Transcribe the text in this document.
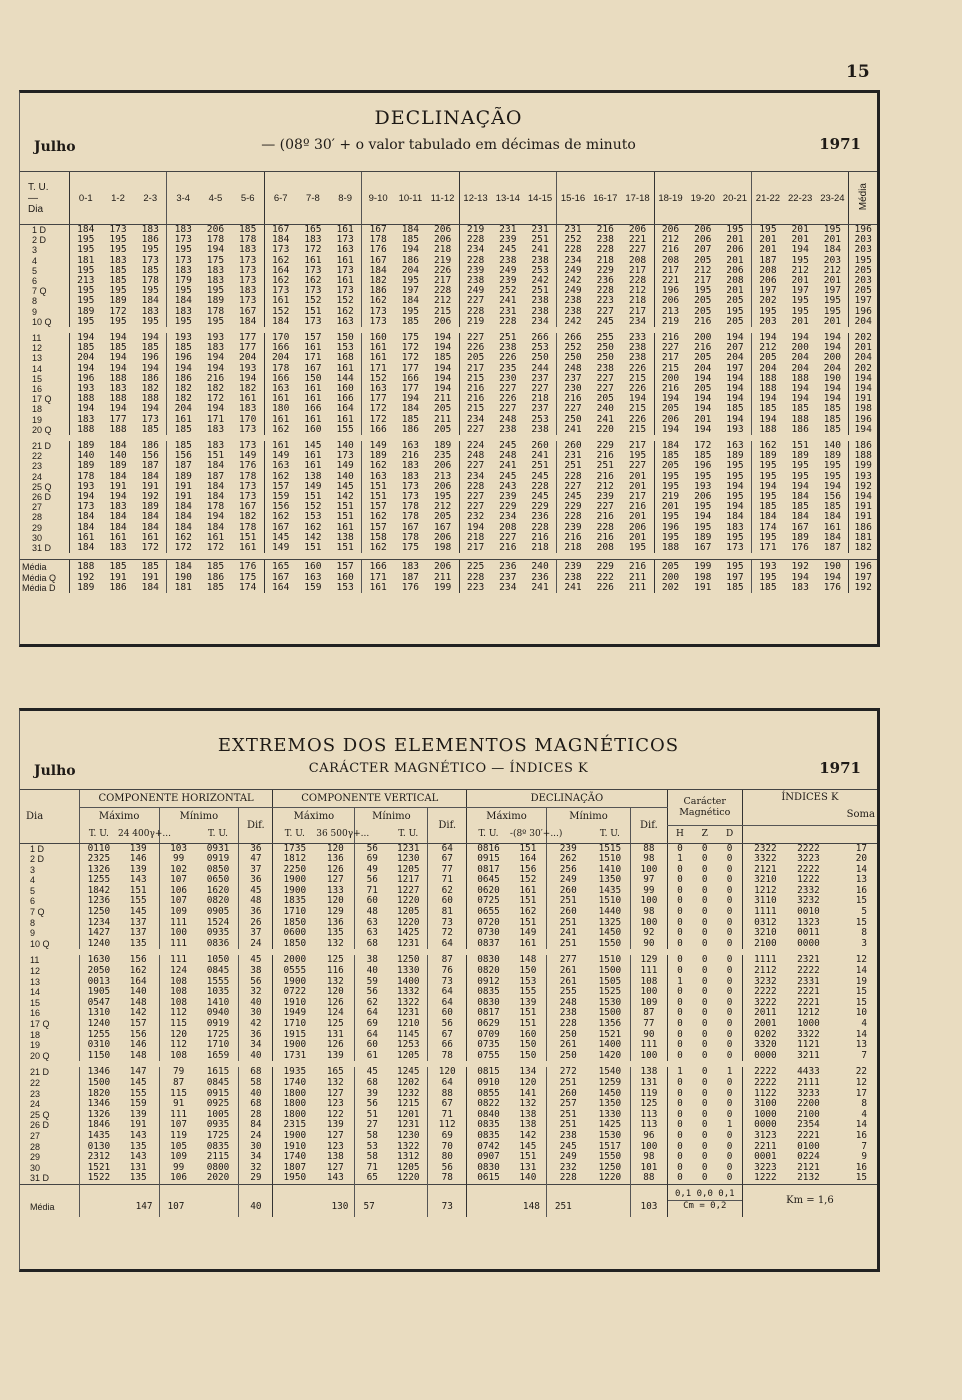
15
DECLINAÇÃO
Julho	— (08º 30′ + o valor tabulado em décimas de minuto	1971
T. U.
—
Dia	0-1	1-2	2-3	3-4	4-5	5-6	6-7	7-8	8-9	9-10	10-11	11-12	12-13	13-14	14-15	15-16	16-17	17-18	18-19	19-20	20-21	21-22	22-23	23-24	Média
1 D	184	173	183	183	206	185	167	165	161	167	184	206	219	231	231	231	216	206	206	206	195	195	201	195	196
2 D	195	195	186	173	178	178	184	183	173	178	185	206	228	239	251	252	238	221	212	206	201	201	201	201	203
3	195	195	195	195	194	183	173	172	163	176	194	218	234	245	241	228	228	227	216	207	206	201	194	184	203
4	181	183	173	173	175	173	162	161	161	167	186	219	228	238	238	234	218	208	208	205	201	187	195	203	195
5	195	185	185	183	183	173	164	173	173	184	204	226	239	249	253	249	229	217	217	212	206	208	212	212	205
6	213	185	178	179	183	173	162	162	161	182	195	217	238	239	242	242	236	228	221	217	208	206	201	201	203
7 Q	195	195	195	195	195	183	173	173	173	186	197	228	249	252	251	249	228	212	196	195	201	197	197	197	205
8	195	189	184	184	189	173	161	152	152	162	184	212	227	241	238	238	223	218	206	205	205	202	195	195	197
9	189	172	183	183	178	167	152	151	162	173	195	215	228	231	238	238	227	217	213	205	195	195	195	195	196
10 Q	195	195	195	195	195	184	184	173	163	173	185	206	219	228	234	242	245	234	219	216	205	203	201	201	204

11	194	194	194	193	193	177	170	157	150	160	175	194	227	251	266	266	255	233	216	200	194	194	194	194	202
12	185	185	185	185	183	177	166	161	153	161	172	194	226	238	253	252	250	238	227	216	207	212	200	194	201
13	204	194	196	196	194	204	204	171	168	161	172	185	205	226	250	250	250	238	217	205	204	205	204	200	204
14	194	194	194	194	194	193	178	167	161	171	177	194	217	235	244	248	238	226	215	204	197	204	204	204	202
15	196	188	186	186	216	194	166	150	144	152	166	194	215	230	237	237	227	215	200	194	194	188	188	190	194
16	193	183	182	182	182	182	163	161	160	163	177	194	216	227	227	230	227	226	216	205	194	188	194	194	194
17 Q	188	188	188	182	172	161	161	161	166	177	194	211	216	226	218	216	205	194	194	194	194	194	194	194	191
18	194	194	194	204	194	183	180	166	164	172	184	205	215	227	237	227	240	215	205	194	185	185	185	185	198
19	183	177	173	161	171	170	161	161	161	172	185	211	234	248	253	250	241	226	206	201	194	194	188	185	196
20 Q	188	188	185	185	183	173	162	160	155	166	186	205	227	238	238	241	220	215	194	194	193	188	186	185	194

21 D	189	184	186	185	183	173	161	145	140	149	163	189	224	245	260	260	229	217	184	172	163	162	151	140	186
22	140	140	156	156	151	149	149	161	173	189	216	235	248	248	241	231	216	195	185	185	189	189	189	189	188
23	189	189	187	187	184	176	163	161	149	162	183	206	227	241	251	251	251	227	205	196	195	195	195	195	199
24	178	184	184	189	187	178	162	138	140	163	183	213	234	245	245	228	216	201	195	195	195	195	195	195	193
25 Q	193	191	191	191	184	173	157	149	145	151	173	206	228	243	228	227	212	201	195	193	194	194	194	194	192
26 D	194	194	192	191	184	173	159	151	142	151	173	195	227	239	245	245	239	217	219	206	195	195	184	156	194
27	173	183	189	184	178	167	156	152	151	157	178	212	227	229	229	229	227	216	201	195	194	185	185	185	191
28	184	184	184	184	194	182	162	153	151	162	178	205	232	234	236	228	216	201	195	194	184	184	184	184	191
29	184	184	184	184	184	178	167	162	161	157	167	167	194	208	228	239	228	206	196	195	183	174	167	161	186
30	161	161	161	162	161	151	145	142	138	158	178	206	218	227	216	216	216	201	195	189	195	195	189	184	181
31 D	184	183	172	172	172	161	149	151	151	162	175	198	217	216	218	218	208	195	188	167	173	171	176	187	182

Média	188	185	185	184	185	176	165	160	157	166	183	206	225	236	240	239	229	216	205	199	195	193	192	190	196
Média Q	192	191	191	190	186	175	167	163	160	171	187	211	228	237	236	238	222	211	200	198	197	195	194	194	197
Média D	189	186	184	181	185	174	164	159	153	161	176	199	223	234	241	241	226	211	202	191	185	185	183	176	192
EXTREMOS DOS ELEMENTOS MAGNÉTICOS
Julho	CARÁCTER MAGNÉTICO — ÍNDICES K	1971
Dia	COMPONENTE HORIZONTAL					COMPONENTE VERTICAL					DECLINAÇÃO					Carácter Magnético			ÍNDICES K
Soma		

	Máximo		Mínimo		Dif.	Máximo		Mínimo		Dif.	Máximo		Mínimo		Dif.						
	T. U.	24 400γ+...		T. U.		T. U.	36 500γ+...		T. U.		T. U.	-(8º 30′+...)		T. U.		H	Z	D			
1 D	0110	139	103	0931	36	1735	120	56	1231	64	0816	151	239	1515	88	0	0	0	2322	2222	17
2 D	2325	146	99	0919	47	1812	136	69	1230	67	0915	164	262	1510	98	1	0	0	3322	3223	20
3	1326	139	102	0850	37	2250	126	49	1205	77	0817	156	256	1410	100	0	0	0	2121	2222	14
4	1255	143	107	0650	36	1900	127	56	1217	71	0645	152	249	1350	97	0	0	0	3210	1222	13
5	1842	151	106	1620	45	1900	133	71	1227	62	0620	161	260	1435	99	0	0	0	1212	2332	16
6	1236	155	107	0820	48	1835	120	60	1220	60	0725	151	251	1510	100	0	0	0	3110	3232	15
7 Q	1250	145	109	0905	36	1710	129	48	1205	81	0655	162	260	1440	98	0	0	0	1111	0010	5
8	1234	137	111	1524	26	1850	136	63	1220	73	0720	151	251	1325	100	0	0	0	0312	1323	15
9	1427	137	100	0935	37	0600	135	63	1425	72	0730	149	241	1450	92	0	0	0	3210	0011	8
10 Q	1240	135	111	0836	24	1850	132	68	1231	64	0837	161	251	1550	90	0	0	0	2100	0000	3

11	1630	156	111	1050	45	2000	125	38	1250	87	0830	148	277	1510	129	0	0	0	1111	2321	12
12	2050	162	124	0845	38	0555	116	40	1330	76	0820	150	261	1500	111	0	0	0	2112	2222	14
13	0013	164	108	1555	56	1900	132	59	1400	73	0912	153	261	1505	108	1	0	0	3232	2331	19
14	1905	140	108	1035	32	0722	120	56	1332	64	0835	155	255	1525	100	0	0	0	2222	2221	15
15	0547	148	108	1410	40	1910	126	62	1322	64	0830	139	248	1530	109	0	0	0	3222	2221	15
16	1310	142	112	0940	30	1949	124	64	1231	60	0817	151	238	1500	87	0	0	0	2011	1212	10
17 Q	1240	157	115	0919	42	1710	125	69	1210	56	0629	151	228	1356	77	0	0	0	2001	1000	4
18	1255	156	120	1725	36	1915	131	64	1145	67	0709	160	250	1521	90	0	0	0	0202	3322	14
19	0310	146	112	1710	34	1900	126	60	1253	66	0735	150	261	1400	111	0	0	0	3320	1121	13
20 Q	1150	148	108	1659	40	1731	139	61	1205	78	0755	150	250	1420	100	0	0	0	0000	3211	7

21 D	1346	147	79	1615	68	1935	165	45	1245	120	0815	134	272	1540	138	1	0	1	2222	4433	22
22	1500	145	87	0845	58	1740	132	68	1202	64	0910	120	251	1259	131	0	0	0	2222	2111	12
23	1820	155	115	0915	40	1800	127	39	1232	88	0855	141	260	1450	119	0	0	0	1122	3233	17
24	1346	159	91	0925	68	1800	123	56	1215	67	0822	132	257	1350	125	0	0	0	3100	2200	8
25 Q	1326	139	111	1005	28	1800	122	51	1201	71	0840	138	251	1330	113	0	0	0	1000	2100	4
26 D	1846	191	107	0935	84	2315	139	27	1231	112	0835	138	251	1425	113	0	0	1	0000	2354	14
27	1435	143	119	1725	24	1900	127	58	1230	69	0835	142	238	1530	96	0	0	0	3123	2221	16
28	0130	135	105	0835	30	1910	123	53	1322	70	0742	145	245	1517	100	0	0	0	2211	0100	7
29	2312	143	109	2115	34	1740	138	58	1312	80	0907	151	249	1550	98	0	0	0	0001	0224	9
30	1521	131	99	0800	32	1807	127	71	1205	56	0830	131	232	1250	101	0	0	0	3223	2121	16
31 D	1522	135	106	2020	29	1950	143	65	1220	78	0615	140	228	1220	88	0	0	0	1222	2132	15
Média	147		107		40	130		57		73	148		251		103	0,1 0,0 0,1
Cm = 0,2			Km = 1,6		
